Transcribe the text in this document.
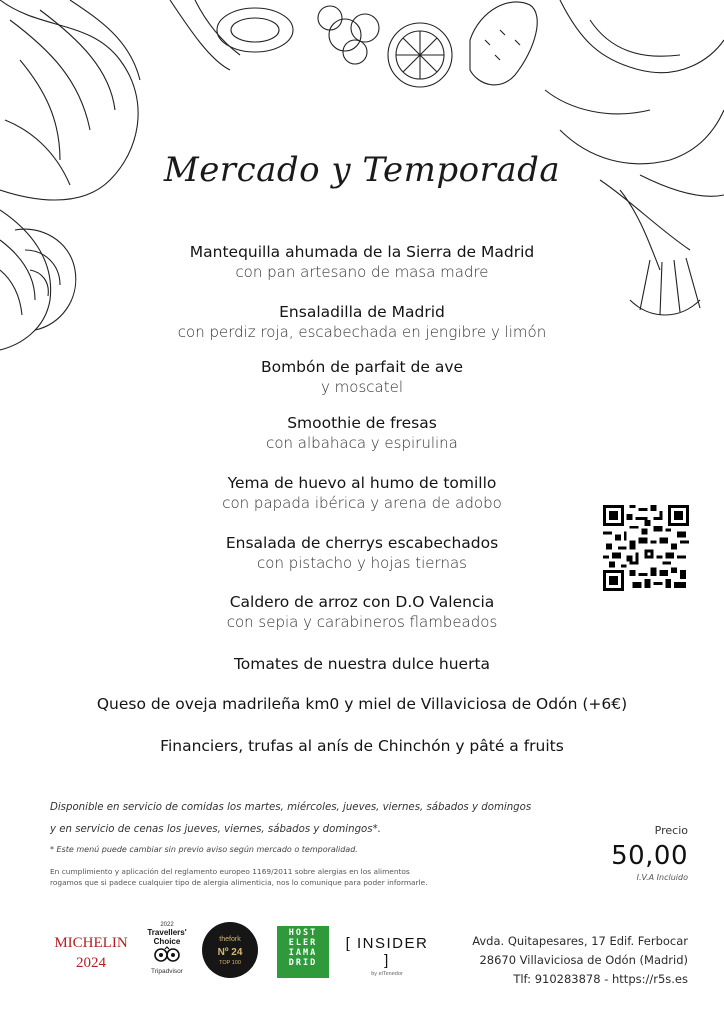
Mercado y Temporada
Mantequilla ahumada de la Sierra de Madrid
con pan artesano de masa madre
Ensaladilla de Madrid
con perdiz roja, escabechada en jengibre y limón
Bombón de parfait de ave
y moscatel
Smoothie de fresas
con albahaca y espirulina
Yema de huevo al humo de tomillo
con papada ibérica y arena de adobo
Ensalada de cherrys escabechados
con pistacho y hojas tiernas
Caldero de arroz con D.O Valencia
con sepia y carabineros flambeados
Tomates de nuestra dulce huerta
Queso de oveja madrileña km0 y miel de Villaviciosa de Odón (+6€)
Financiers, trufas al anís de Chinchón y pâté a fruits
Disponible en servicio de comidas los martes, miércoles, jueves, viernes, sábados y domingos
y en servicio de cenas los jueves, viernes, sábados y domingos*.
* Este menú puede cambiar sin previo aviso según mercado o temporalidad.
En cumplimiento y aplicación del reglamento europeo 1169/2011 sobre alergias en los alimentos
rogamos que si padece cualquier tipo de alergia alimenticia, nos lo comunique para poder informarle.
Precio
50,00
I.V.A Incluido
MICHELIN
2024
2022
Travellers'
Choice
Tripadvisor
thefork
Nº 24
TOP 100
HOST
ELER
IAMA
DRID
[ INSIDER ]
by elTenedor
Avda. Quitapesares, 17 Edif. Ferbocar
28670 Villaviciosa de Odón (Madrid)
Tlf: 910283878 - https://r5s.es
